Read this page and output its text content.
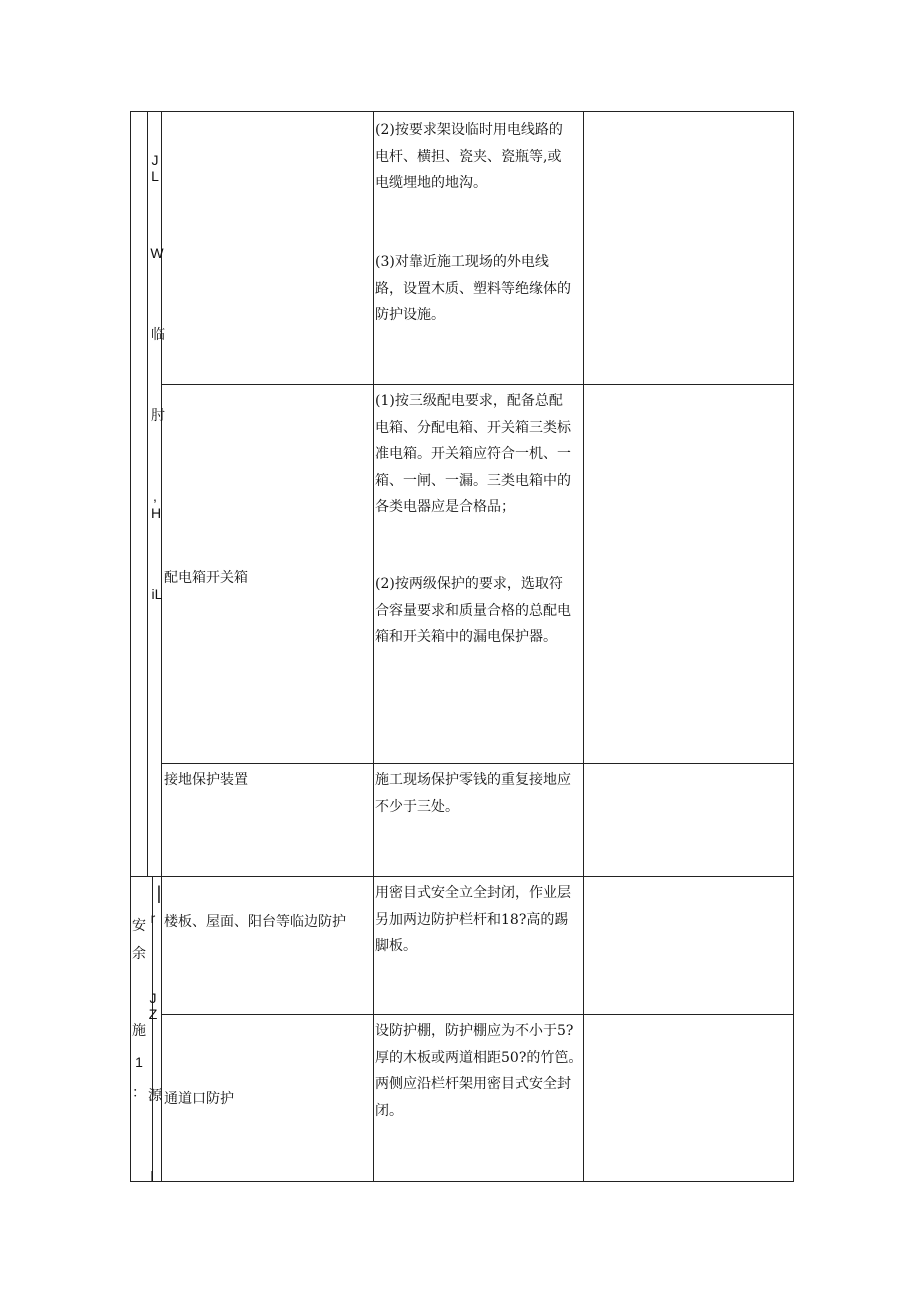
J
L
W
临
肘
,
H
iL
安
余
施
1
：
|
r
J
Z
源
l
(2)按要求架设临时用电线路的
电杆、横担、瓷夹、瓷瓶等,或
电缆埋地的地沟。
(3)对靠近施工现场的外电线
路，设置木质、塑料等绝缘体的
防护设施。
配电箱开关箱
(1)按三级配电要求，配备总配
电箱、分配电箱、开关箱三类标
准电箱。开关箱应符合一机、一
箱、一闸、一漏。三类电箱中的
各类电器应是合格品；
(2)按两级保护的要求，选取符
合容量要求和质量合格的总配电
箱和开关箱中的漏电保护器。
接地保护装置	施工现场保护零钱的重复接地应
不少于三处。
楼板、屋面、阳台等临边防护
用密目式安全立全封闭，作业层
另加两边防护栏杆和18?高的踢
脚板。
通道口防护
设防护棚，防护棚应为不小于5?
厚的木板或两道相距50?的竹笆。
两侧应沿栏杆架用密目式安全封
闭。
